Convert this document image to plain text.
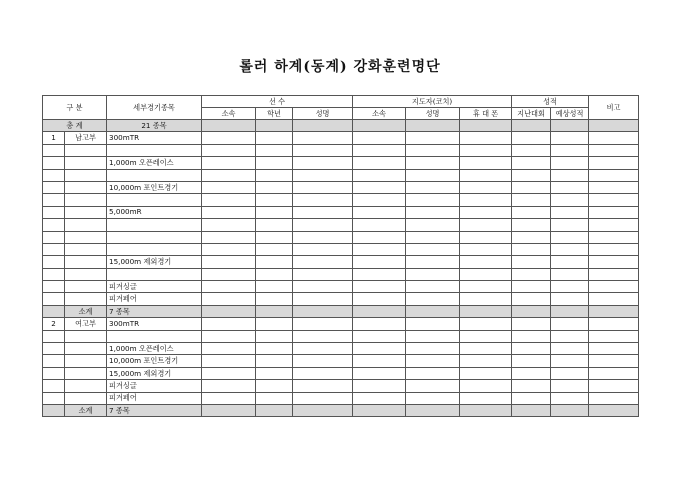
롤러 하계(동계) 강화훈련명단
구 분		세부경기종목	선 수			지도자(코치)			성적		비고
			소속	학년	성명	소속	성명	휴 대 폰	지난대회	예상성적	
총 계		21 종목									
1	남고부	300mTR									

		1,000m 오픈레이스									

		10,000m 포인트경기									

		5,000mR									

		15,000m 제외경기									

		피겨싱글									
		피겨페어									
	소계	7 종목									
2	여고부	300mTR									

		1,000m 오픈레이스									
		10,000m 포인트경기									
		15,000m 제외경기									
		피겨싱글									
		피겨페어									
	소계	7 종목									
